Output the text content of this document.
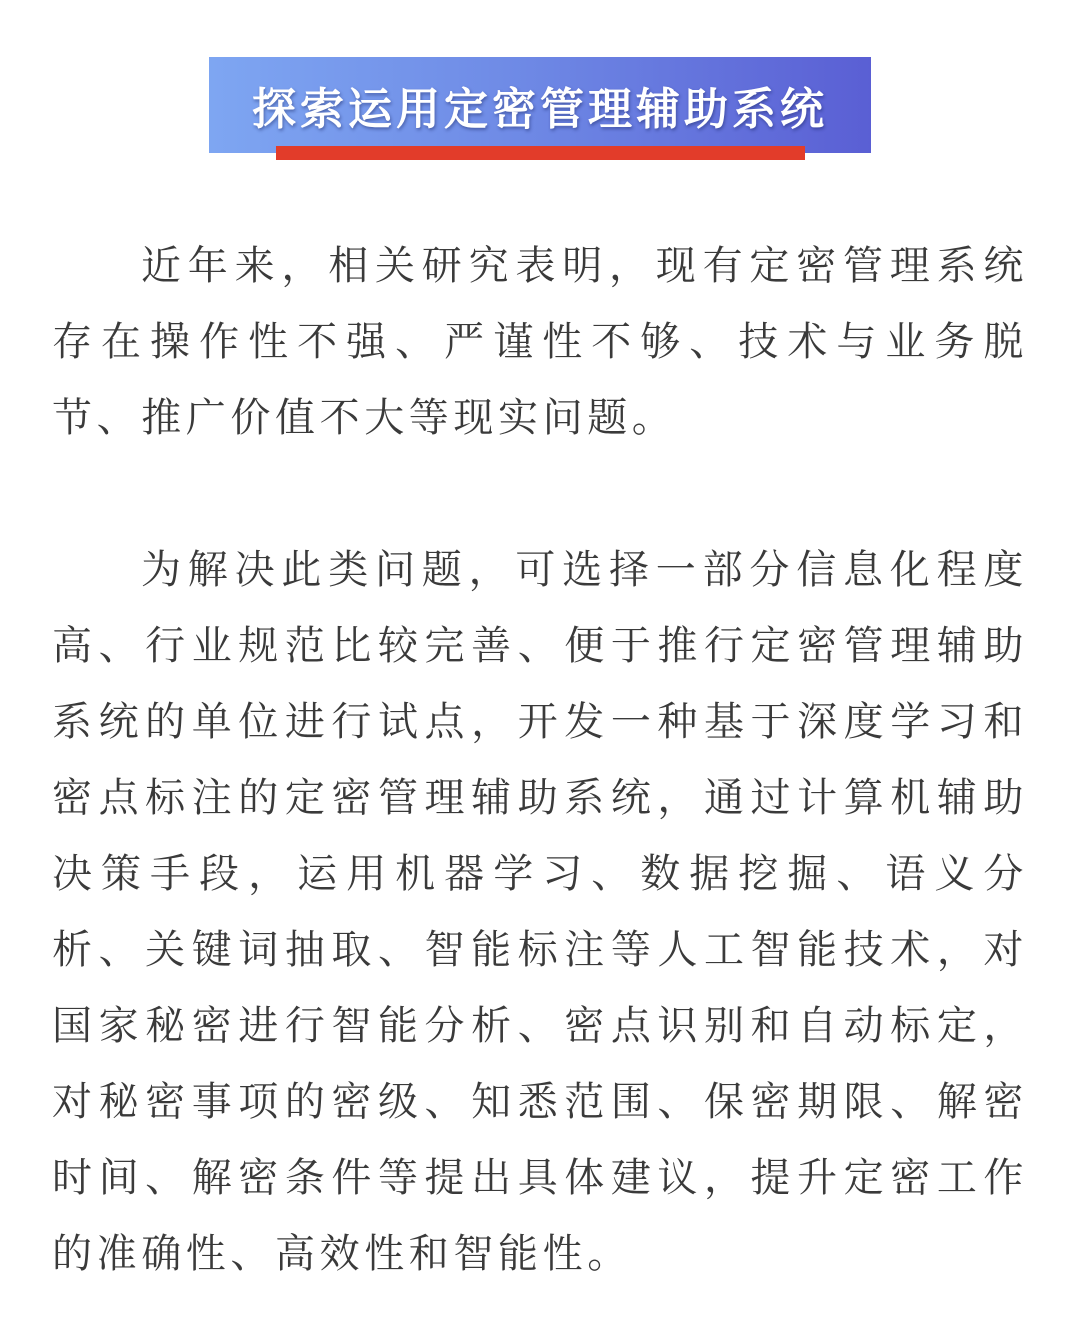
探索运用定密管理辅助系统

近年来，相关研究表明，现有定密管理系统存在操作性不强、严谨性不够、技术与业务脱节、推广价值不大等现实问题。

为解决此类问题，可选择一部分信息化程度高、行业规范比较完善、便于推行定密管理辅助系统的单位进行试点，开发一种基于深度学习和密点标注的定密管理辅助系统，通过计算机辅助决策手段，运用机器学习、数据挖掘、语义分析、关键词抽取、智能标注等人工智能技术，对国家秘密进行智能分析、密点识别和自动标定，对秘密事项的密级、知悉范围、保密期限、解密时间、解密条件等提出具体建议，提升定密工作的准确性、高效性和智能性。
